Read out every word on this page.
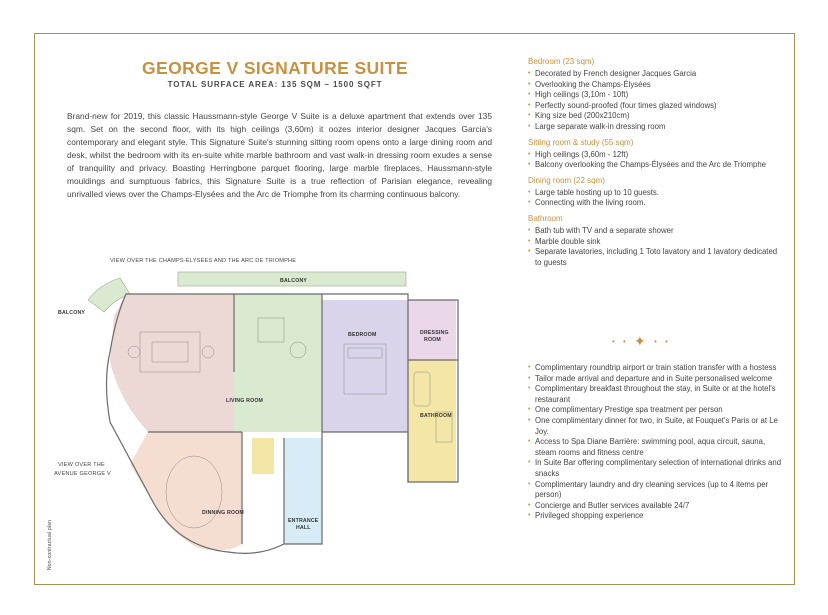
GEORGE V SIGNATURE SUITE
TOTAL SURFACE AREA: 135 SQM – 1500 SQFT

Brand-new for 2019, this classic Haussmann-style George V Suite is a deluxe apartment that extends over 135 sqm. Set on the second floor, with its high ceilings (3,60m) it oozes interior designer Jacques Garcia's contemporary and elegant style. This Signature Suite's stunning sitting room opens onto a large dining room and desk, whilst the bedroom with its en-suite white marble bathroom and vast walk-in dressing room exudes a sense of tranquility and privacy. Boasting Herringbone parquet flooring, large marble fireplaces, Haussmann-style mouldings and sumptuous fabrics, this Signature Suite is a true reflection of Parisian elegance, revealing unrivalled views over the Champs-Elysées and the Arc de Triomphe from its charming continuous balcony.

VIEW OVER THE CHAMPS-ÉLYSÉES AND THE ARC DE TRIOMPHE
VIEW OVER THE
AVENUE GEORGE V
Non-contractual plan
BALCONY
BALCONY
LIVING ROOM
BEDROOM	DRESSING
ROOM
BATHROOM
DINNING ROOM
ENTRANCE
HALL

Bedroom (23 sqm)

• Decorated by French designer Jacques Garcia
• Overlooking the Champs-Élysées
• High ceilings (3,10m - 10ft)
• Perfectly sound-proofed (four times glazed windows)
• King size bed (200x210cm)
• Large separate walk-in dressing room

Sitting room & study (55 sqm)

• High ceilings (3,60m - 12ft)
• Balcony overlooking the Champs-Élysées and the Arc de Triomphe

Dining room (22 sqm)

• Large table hosting up to 10 guests.
• Connecting with the living room.

Bathroom

• Bath tub with TV and a separate shower
• Marble double sink
• Separate lavatories, including 1 Toto lavatory and 1 lavatory dedicated to guests
• • ✦ • •
• Complimentary roundtrip airport or train station transfer with a hostess
• Tailor made arrival and departure and in Suite personalised welcome
• Complimentary breakfast throughout the stay, in Suite or at the hotel's restaurant
• One complimentary Prestige spa treatment per person
• One complimentary dinner for two, in Suite, at Fouquet's Paris or at Le Joy.
• Access to Spa Diane Barrière: swimming pool, aqua circuit, sauna, steam rooms and fitness centre
• In Suite Bar offering complimentary selection of international drinks and snacks
• Complimentary laundry and dry cleaning services (up to 4 items per person)
• Concierge and Butler services available 24/7
• Privileged shopping experience
